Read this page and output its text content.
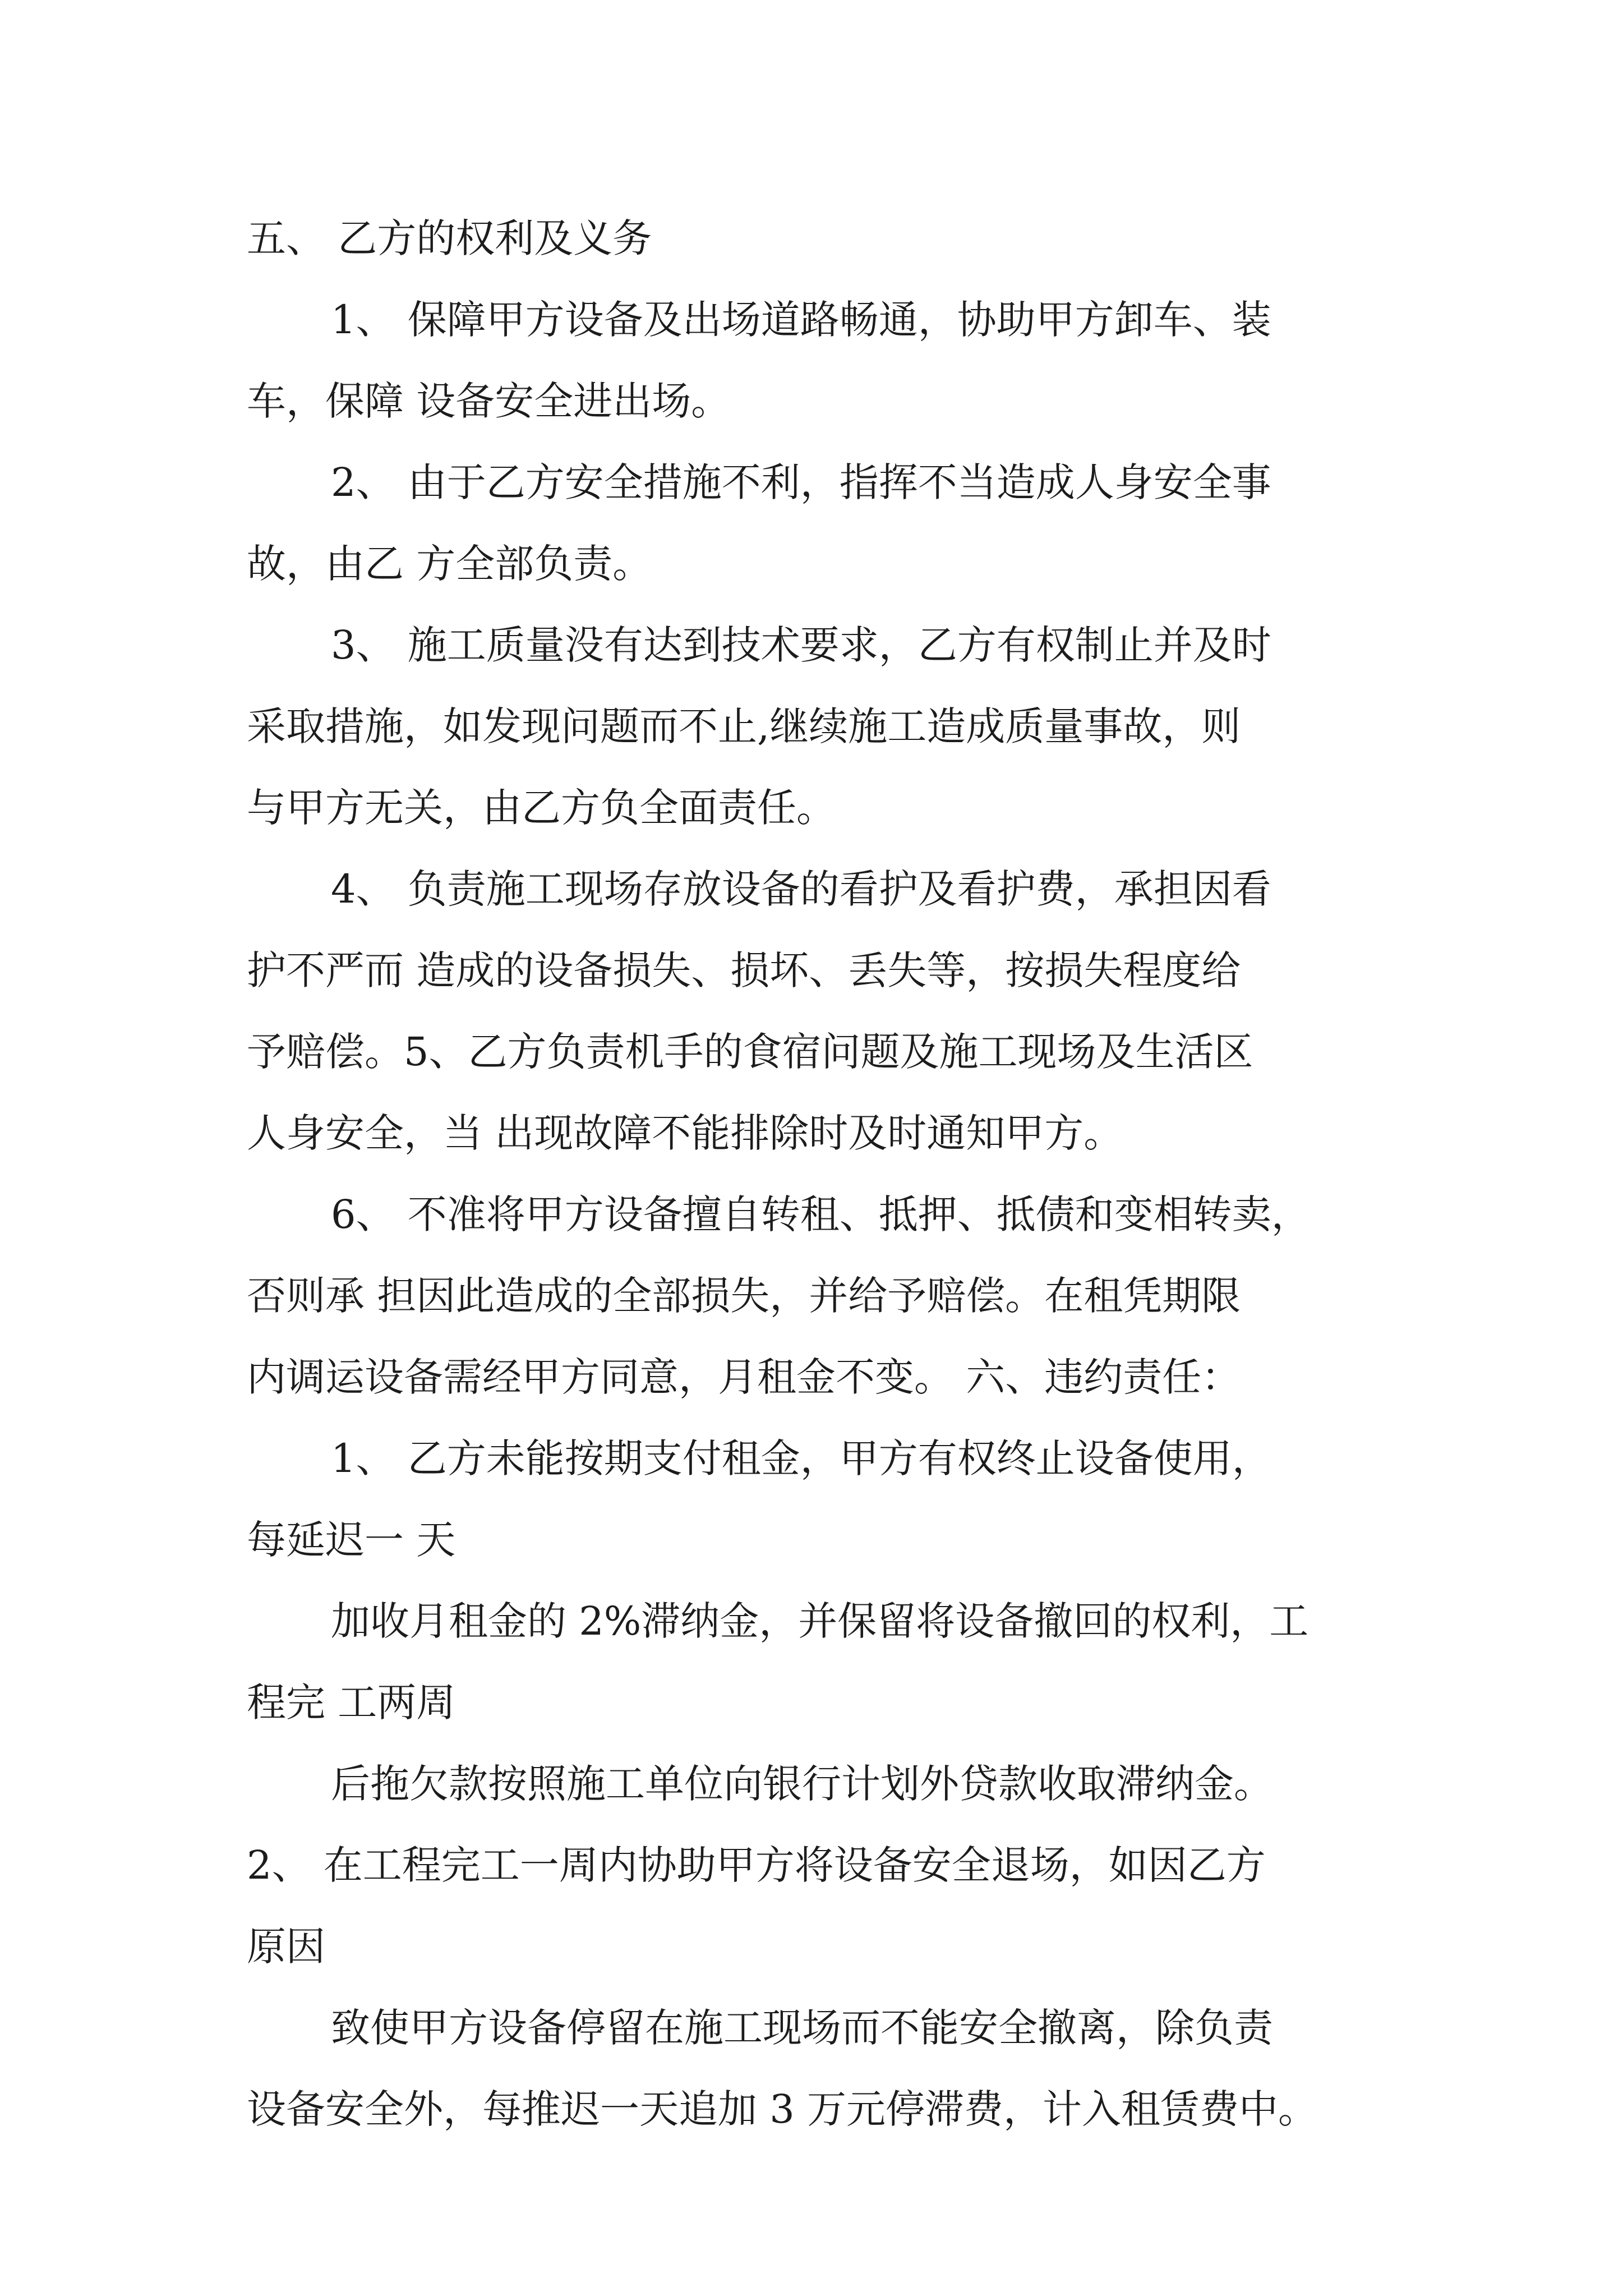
五、 乙方的权利及义务
1、 保障甲方设备及出场道路畅通，协助甲方卸车、装
车，保障 设备安全进出场。
2、 由于乙方安全措施不利，指挥不当造成人身安全事
故，由乙 方全部负责。
3、 施工质量没有达到技术要求，乙方有权制止并及时
采取措施，如发现问题而不止,继续施工造成质量事故，则
与甲方无关，由乙方负全面责任。
4、 负责施工现场存放设备的看护及看护费，承担因看
护不严而 造成的设备损失、损坏、丢失等，按损失程度给
予赔偿。5、乙方负责机手的食宿问题及施工现场及生活区
人身安全，当 出现故障不能排除时及时通知甲方。
6、 不准将甲方设备擅自转租、抵押、抵债和变相转卖，
否则承 担因此造成的全部损失，并给予赔偿。在租凭期限
内调运设备需经甲方同意，月租金不变。 六、违约责任：
1、 乙方未能按期支付租金，甲方有权终止设备使用，
每延迟一 天
加收月租金的 2%滞纳金，并保留将设备撤回的权利，工
程完 工两周
后拖欠款按照施工单位向银行计划外贷款收取滞纳金。
2、 在工程完工一周内协助甲方将设备安全退场，如因乙方
原因
致使甲方设备停留在施工现场而不能安全撤离，除负责
设备安全外，每推迟一天追加 3 万元停滞费，计入租赁费中。
